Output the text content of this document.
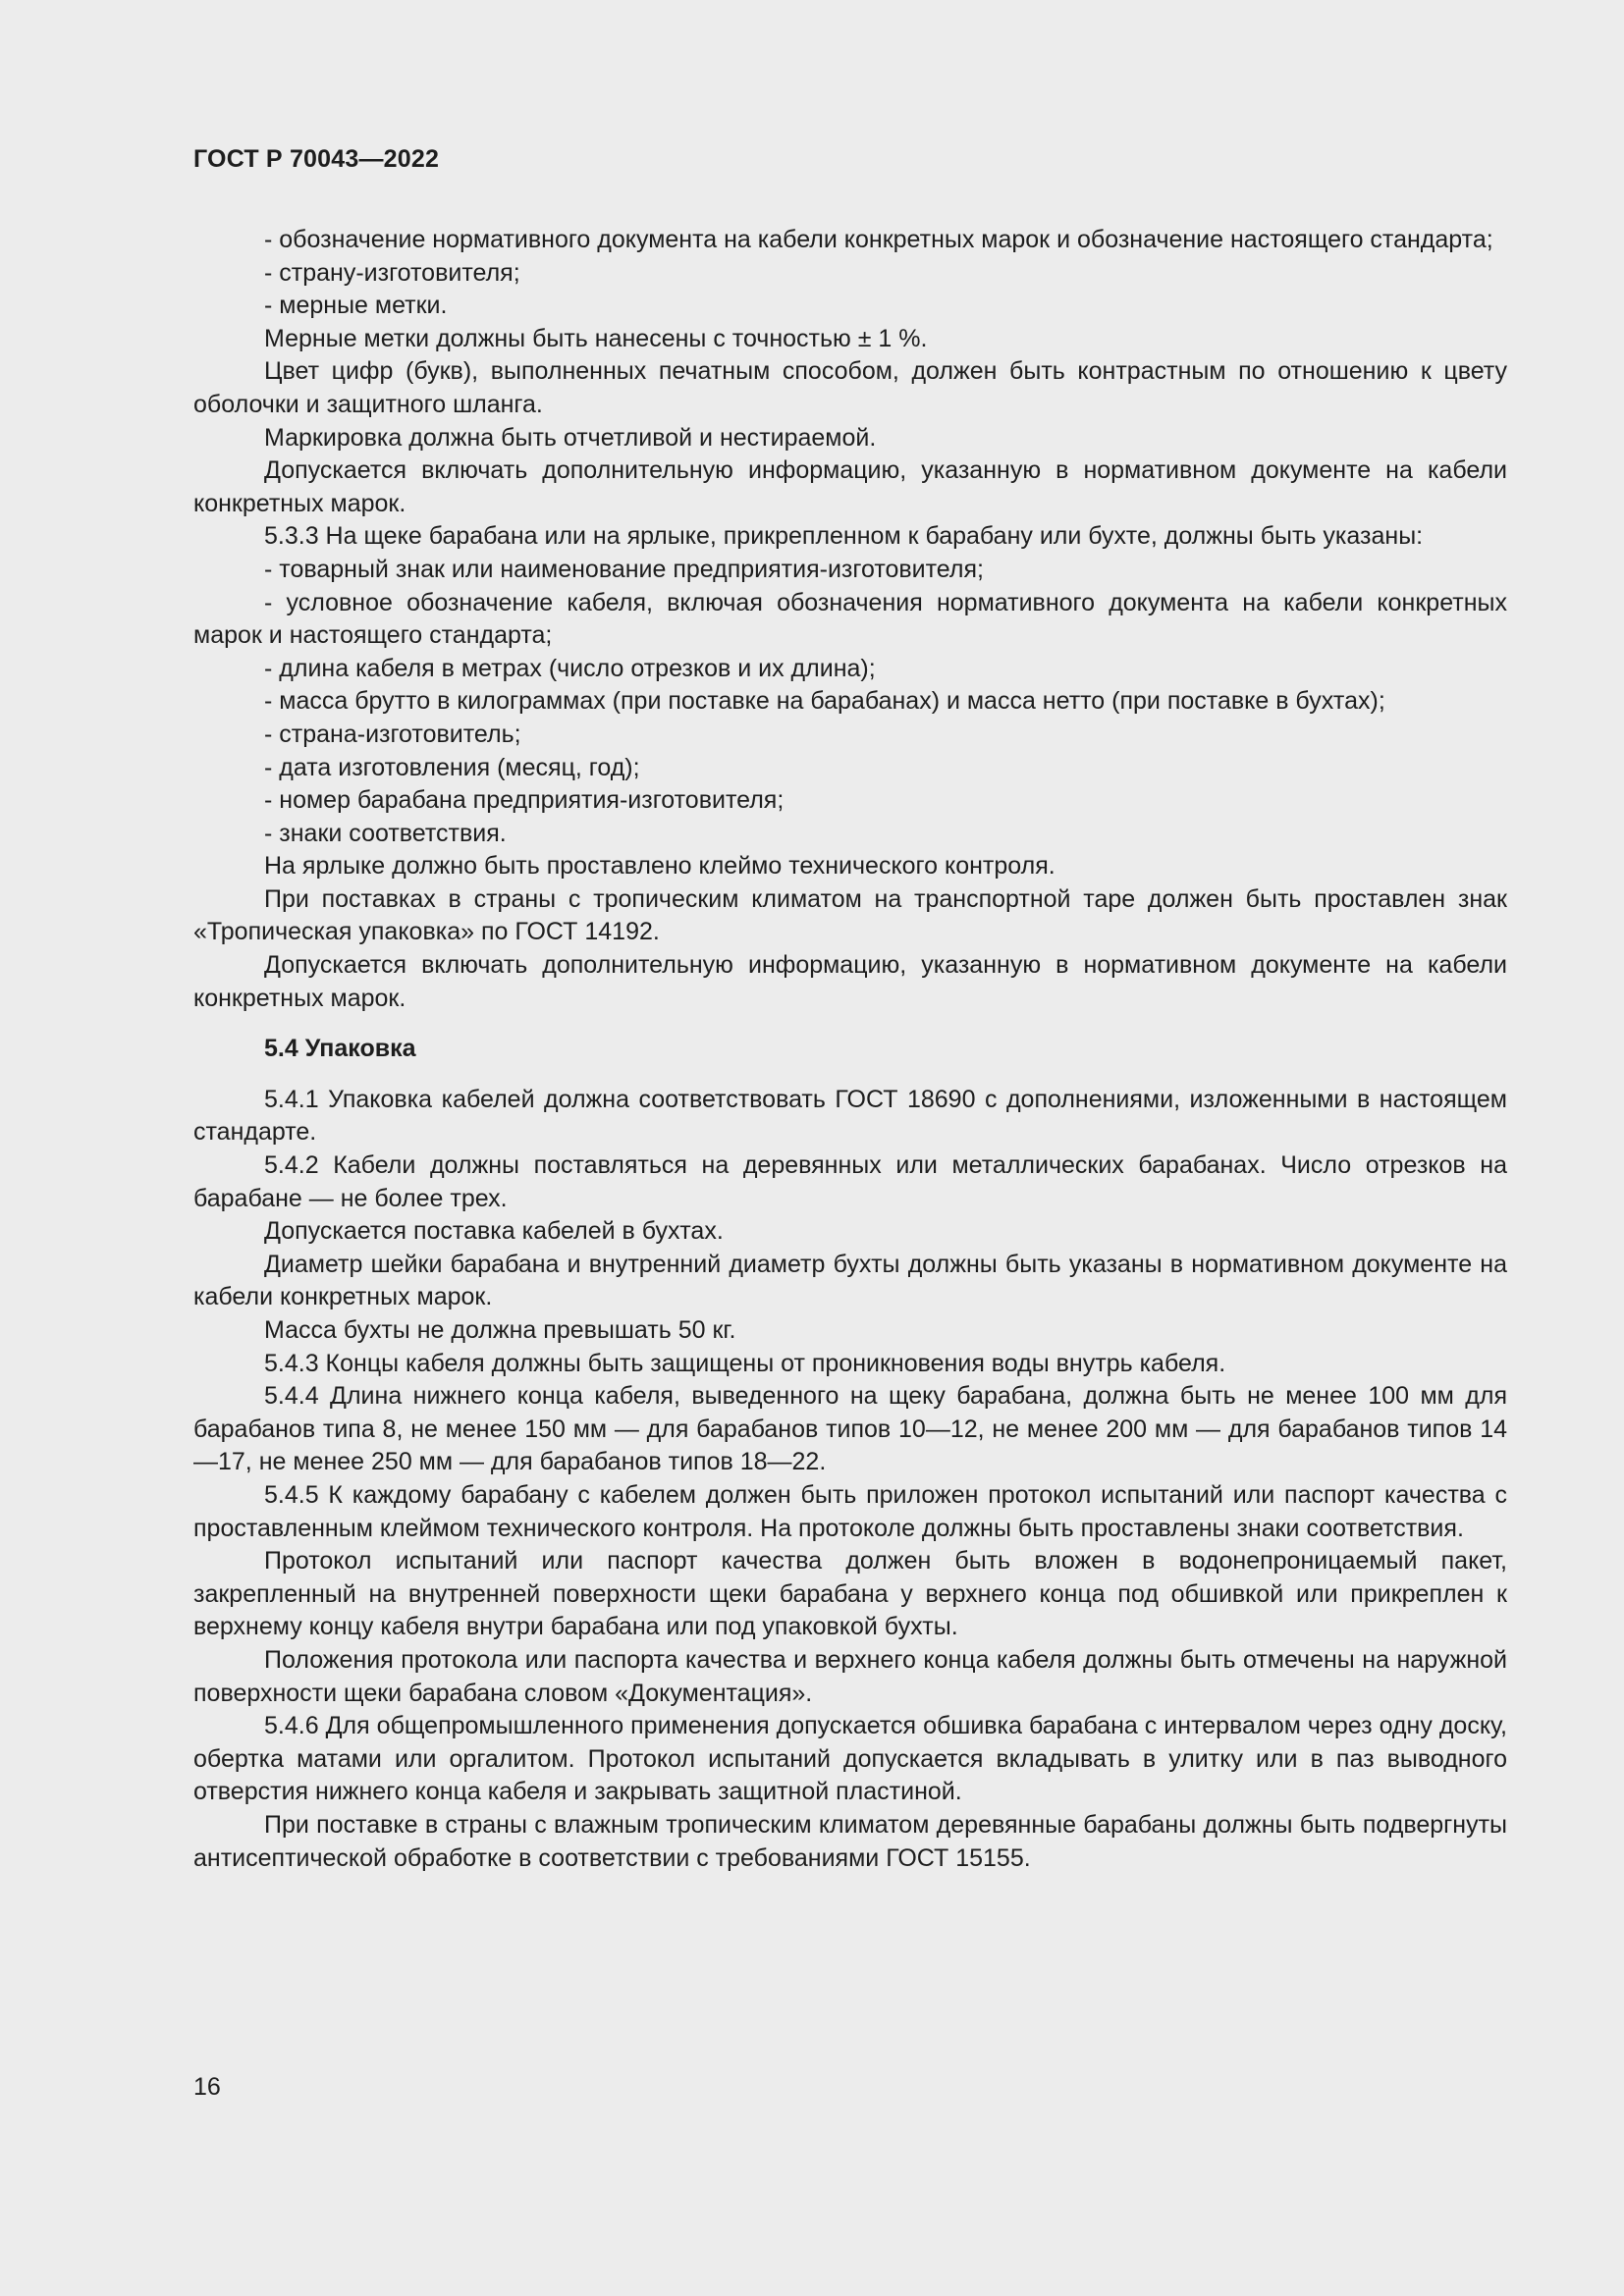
ГОСТ Р 70043—2022

- обозначение нормативного документа на кабели конкретных марок и обозначение настоящего стандарта;

- страну-изготовителя;

- мерные метки.

Мерные метки должны быть нанесены с точностью ± 1 %.

Цвет цифр (букв), выполненных печатным способом, должен быть контрастным по отношению к цвету оболочки и защитного шланга.

Маркировка должна быть отчетливой и нестираемой.

Допускается включать дополнительную информацию, указанную в нормативном документе на кабели конкретных марок.

5.3.3 На щеке барабана или на ярлыке, прикрепленном к барабану или бухте, должны быть указаны:

- товарный знак или наименование предприятия-изготовителя;

- условное обозначение кабеля, включая обозначения нормативного документа на кабели конкретных марок и настоящего стандарта;

- длина кабеля в метрах (число отрезков и их длина);

- масса брутто в килограммах (при поставке на барабанах) и масса нетто (при поставке в бухтах);

- страна-изготовитель;

- дата изготовления (месяц, год);

- номер барабана предприятия-изготовителя;

- знаки соответствия.

На ярлыке должно быть проставлено клеймо технического контроля.

При поставках в страны с тропическим климатом на транспортной таре должен быть проставлен знак «Тропическая упаковка» по ГОСТ 14192.

Допускается включать дополнительную информацию, указанную в нормативном документе на кабели конкретных марок.

5.4 Упаковка

5.4.1 Упаковка кабелей должна соответствовать ГОСТ 18690 с дополнениями, изложенными в настоящем стандарте.

5.4.2 Кабели должны поставляться на деревянных или металлических барабанах. Число отрезков на барабане — не более трех.

Допускается поставка кабелей в бухтах.

Диаметр шейки барабана и внутренний диаметр бухты должны быть указаны в нормативном документе на кабели конкретных марок.

Масса бухты не должна превышать 50 кг.

5.4.3 Концы кабеля должны быть защищены от проникновения воды внутрь кабеля.

5.4.4 Длина нижнего конца кабеля, выведенного на щеку барабана, должна быть не менее 100 мм для барабанов типа 8, не менее 150 мм — для барабанов типов 10—12, не менее 200 мм — для барабанов типов 14—17, не менее 250 мм — для барабанов типов 18—22.

5.4.5 К каждому барабану с кабелем должен быть приложен протокол испытаний или паспорт качества с проставленным клеймом технического контроля. На протоколе должны быть проставлены знаки соответствия.

Протокол испытаний или паспорт качества должен быть вложен в водонепроницаемый пакет, закрепленный на внутренней поверхности щеки барабана у верхнего конца под обшивкой или прикреплен к верхнему концу кабеля внутри барабана или под упаковкой бухты.

Положения протокола или паспорта качества и верхнего конца кабеля должны быть отмечены на наружной поверхности щеки барабана словом «Документация».

5.4.6 Для общепромышленного применения допускается обшивка барабана с интервалом через одну доску, обертка матами или оргалитом. Протокол испытаний допускается вкладывать в улитку или в паз выводного отверстия нижнего конца кабеля и закрывать защитной пластиной.

При поставке в страны с влажным тропическим климатом деревянные барабаны должны быть подвергнуты антисептической обработке в соответствии с требованиями ГОСТ 15155.

16
